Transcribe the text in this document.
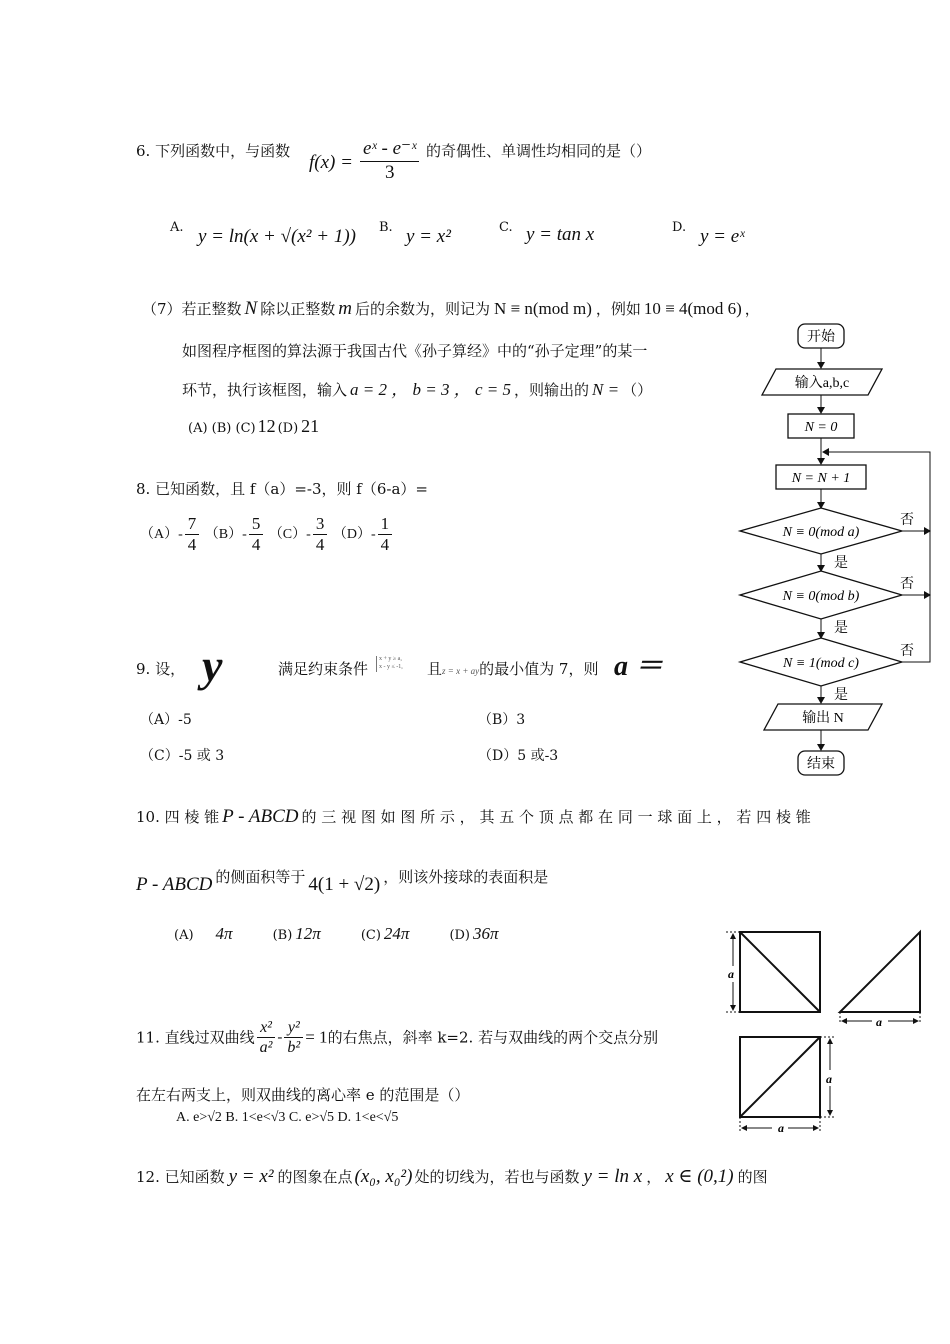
6. 下列函数中，与函数
$f(x) = \frac{\text{eˣ - e⁻ˣ}}{3}$ 的奇偶性、单调性均相同的是（）
A. y = ln(x + √(x² + 1)) B. y = x²	C. y = tan x	D. y = eˣ
（7）若正整数 N 除以正整数 m 后的余数为，则记为 N ≡ n(mod m) ，例如 10 ≡ 4(mod 6) ，
如图程序框图的算法源于我国古代《孙子算经》中的“孙子定理”的某一
环节，执行该框图，输入 a = 2 ， b = 3 ， c = 5 ，则输出的 N = （）
(A) (B) (C) 12 (D) 21
开始
输入a,b,c
N = 0
N = N + 1
N ≡ 0(mod a)
是
N ≡ 0(mod b)
是
N ≡ 1(mod c)
是
输出 N
结束
否
否
否
8. 已知函数，且 f（a）=-3，则 f（6-a）=
$(A)- \frac{7}{4} (B)- \frac{5}{4} (C)- \frac{3}{4} (D)- \frac{1}{4}$
9. 设， y	满足约束条件
x + y ≥ a,
x - y ≤ -1, 且z = x + ay的最小值为 7，则 a ＝
（A）-5	（B）3
（C）-5 或 3	（D）5 或-3
10. 四 棱 锥 P - ABCD 的 三 视 图 如 图 所 示 ， 其 五 个 顶 点 都 在 同 一 球 面 上 ， 若 四 棱 锥
P - ABCD 的侧面积等于 4(1 + √2) ，则该外接球的表面积是
(A) 4π	(B) 12π	(C) 24π	(D) 36π
a
a
a
a
11. 直线过双曲线 $\frac{\text{x²}}{\text{a²}} - \frac{\text{y²}}{\text{b²}} = 1$的右焦点，斜率 k=2. 若与双曲线的两个交点分别
在左右两支上，则双曲线的离心率 e 的范围是（）
A. e>√2 B. 1<e<√3 C. e>√5 D. 1<e<√5
12. 已知函数 y = x² 的图象在点 (x₀, x₀²) 处的切线为，若也与函数 y = ln x ， x ∈ (0,1) 的图
